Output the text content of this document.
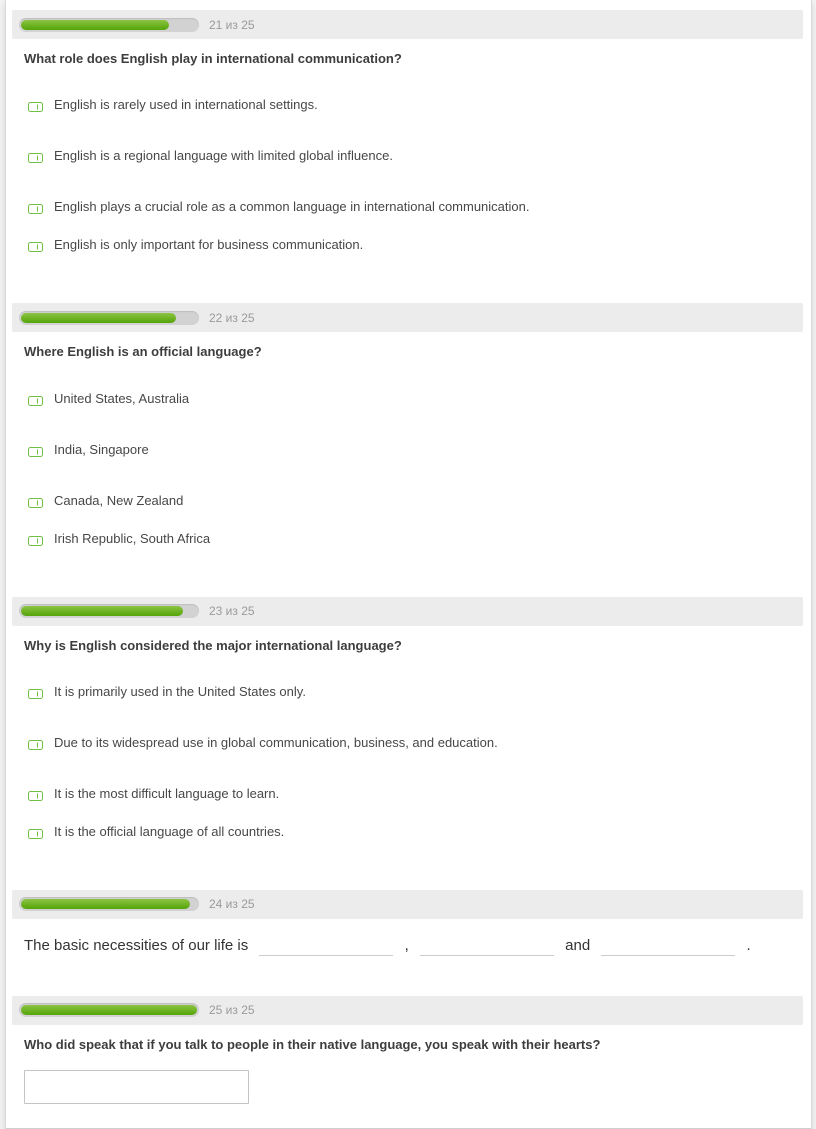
21 из 25
What role does English play in international communication?
English is rarely used in international settings.
English is a regional language with limited global influence.
English plays a crucial role as a common language in international communication.
English is only important for business communication.
22 из 25
Where English is an official language?
United States, Australia
India, Singapore
Canada, New Zealand
Irish Republic, South Africa
23 из 25
Why is English considered the major international language?
It is primarily used in the United States only.
Due to its widespread use in global communication, business, and education.
It is the most difficult language to learn.
It is the official language of all countries.
24 из 25
The basic necessities of our life is	,	and	.
25 из 25
Who did speak that if you talk to people in their native language, you speak with their hearts?
